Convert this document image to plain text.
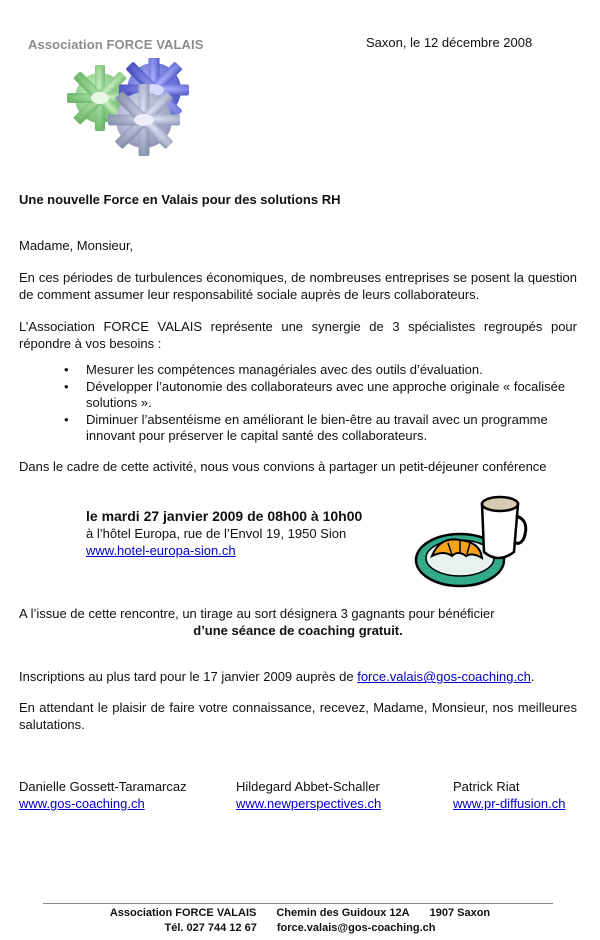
Association FORCE VALAIS	Saxon, le 12 décembre 2008
Une nouvelle Force en Valais pour des solutions RH
Madame, Monsieur,
En ces périodes de turbulences économiques, de nombreuses entreprises se posent la question de comment assumer leur responsabilité sociale auprès de leurs collaborateurs.
L’Association FORCE VALAIS représente une synergie de 3 spécialistes regroupés pour répondre à vos besoins :
• Mesurer les compétences managériales avec des outils d’évaluation.
• Développer l’autonomie des collaborateurs avec une approche originale « focalisée solutions ».
• Diminuer l’absentéisme en améliorant le bien-être au travail avec un programme innovant pour préserver le capital santé des collaborateurs.
Dans le cadre de cette activité, nous vous convions à partager un petit-déjeuner conférence
le mardi 27 janvier 2009 de 08h00 à 10h00
à l’hôtel Europa, rue de l’Envol 19, 1950 Sion
www.hotel-europa-sion.ch
A l’issue de cette rencontre, un tirage au sort désignera 3 gagnants pour bénéficier
d’une séance de coaching gratuit.
Inscriptions au plus tard pour le 17 janvier 2009 auprès de force.valais@gos-coaching.ch.
En attendant le plaisir de faire votre connaissance, recevez, Madame, Monsieur, nos meilleures salutations.
Danielle Gossett-Taramarcaz
www.gos-coaching.ch
Hildegard Abbet-Schaller
www.newperspectives.ch
Patrick Riat
www.pr-diffusion.ch
Association FORCE VALAIS Chemin des Guidoux 12A 1907 Saxon
Tél. 027 744 12 67 force.valais@gos-coaching.ch
